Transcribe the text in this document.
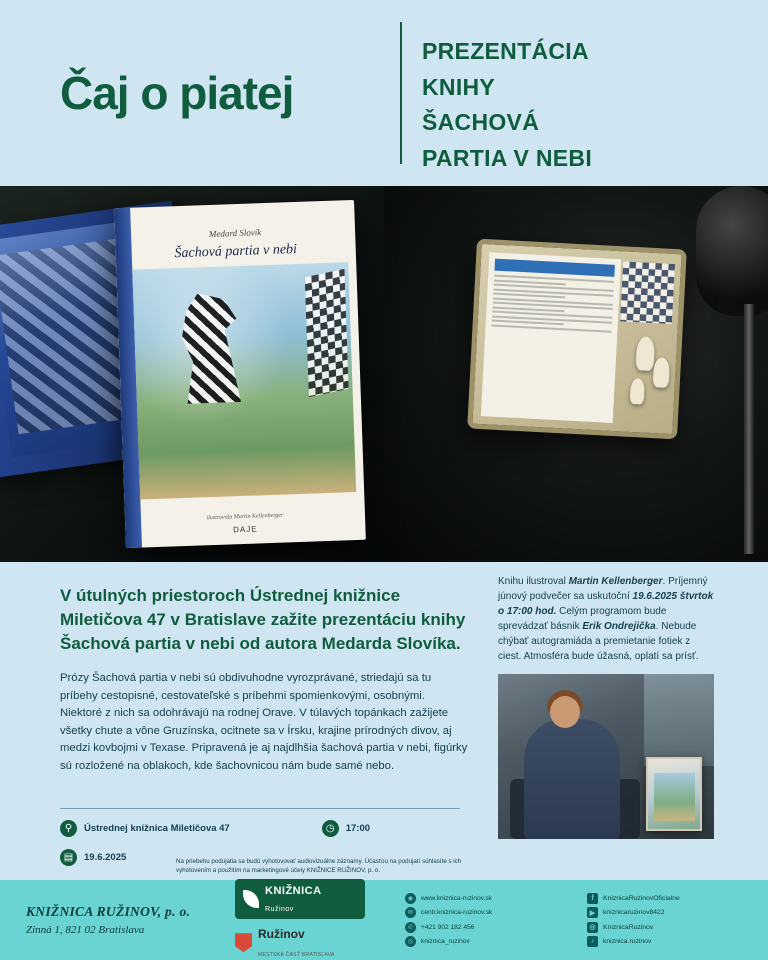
Čaj o piatej
PREZENTÁCIA
KNIHY
ŠACHOVÁ
PARTIA V NEBI
Medard Slovík
Šachová partia v nebi
ilustrovala Martin Kellenberger
DAJE
V útulných priestoroch Ústrednej knižnice Miletičova 47 v Bratislave zažite prezentáciu knihy Šachová partia v nebi od autora Medarda Slovíka.
Prózy Šachová partia v nebi sú obdivuhodne vyrozprávané, striedajú sa tu príbehy cestopisné, cestovateľské s príbehmi spomienkovými, osobnými. Niektoré z nich sa odohrávajú na rodnej Orave. V túlavých topánkach zažijete všetky chute a vône Gruzínska, ocitnete sa v Írsku, krajine prírodných divov, aj medzi kovbojmi v Texase. Pripravená je aj najdlhšia šachová partia v nebi, figúrky sú rozložené na oblakoch, kde šachovnicou nám bude samé nebo.
⚲	Ústrednej knižnica Miletičova 47	◷	17:00
▤	19.6.2025	Na priebehu podujatia sa budú vyhotovovať audiovizuálne záznamy. Účasťou na podujatí súhlasíte s ich vyhotovením a použitím na marketingové účely KNIŽNICE RUŽINOV, p. o.
Knihu ilustroval Martin Kellenberger. Príjemný júnový podvečer sa uskutoční 19.6.2025 štvrtok o 17:00 hod. Celým programom bude sprevádzať básnik Erik Ondrejička. Nebude chýbať autogramiáda a premietanie fotiek z ciest. Atmosféra bude úžasná, oplatí sa prísť.
KNIŽNICA RUŽINOV, p. o.
Zinná 1, 821 02 Bratislava
KNIŽNICA
Ružinov
Ružinov
MESTSKÁ ČASŤ BRATISLAVA
◉	www.kniznica-ruzinov.sk
✉	centr.kniznica-ruzinov.sk
✆	+421 902 182 456
◎	kniznica_ruzinov
f	KniznicaRuzinovOficialne
▶	kniznicaruzinov8422
◎	KniznicaRuzinov
♪	kniznica.ruzinov
